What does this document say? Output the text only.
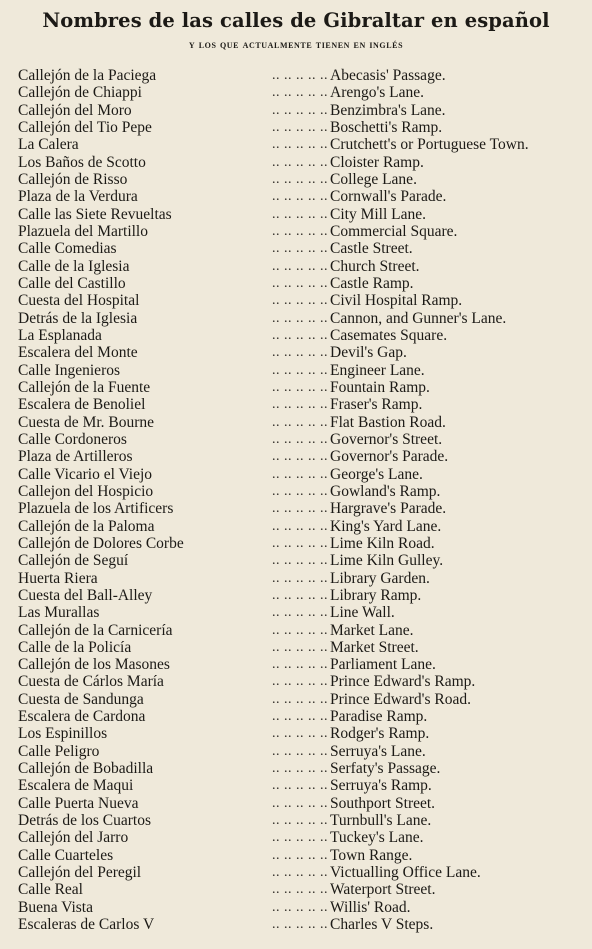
Nombres de las calles de Gibraltar en español
y los que actualmente tienen en inglés
Callejón de la Paciega	.. .. .. .. .. Abecasis' Passage.
Callejón de Chiappi	.. .. .. .. .. Arengo's Lane.
Callejón del Moro	.. .. .. .. .. Benzimbra's Lane.
Callejón del Tio Pepe	.. .. .. .. .. Boschetti's Ramp.
La Calera	.. .. .. .. .. Crutchett's or Portuguese Town.
Los Baños de Scotto	.. .. .. .. .. Cloister Ramp.
Callejón de Risso	.. .. .. .. .. College Lane.
Plaza de la Verdura	.. .. .. .. .. Cornwall's Parade.
Calle las Siete Revueltas	.. .. .. .. .. City Mill Lane.
Plazuela del Martillo	.. .. .. .. .. Commercial Square.
Calle Comedias	.. .. .. .. .. Castle Street.
Calle de la Iglesia	.. .. .. .. .. Church Street.
Calle del Castillo	.. .. .. .. .. Castle Ramp.
Cuesta del Hospital	.. .. .. .. .. Civil Hospital Ramp.
Detrás de la Iglesia	.. .. .. .. .. Cannon, and Gunner's Lane.
La Esplanada	.. .. .. .. .. Casemates Square.
Escalera del Monte	.. .. .. .. .. Devil's Gap.
Calle Ingenieros	.. .. .. .. .. Engineer Lane.
Callejón de la Fuente	.. .. .. .. .. Fountain Ramp.
Escalera de Benoliel	.. .. .. .. .. Fraser's Ramp.
Cuesta de Mr. Bourne	.. .. .. .. .. Flat Bastion Road.
Calle Cordoneros	.. .. .. .. .. Governor's Street.
Plaza de Artilleros	.. .. .. .. .. Governor's Parade.
Calle Vicario el Viejo	.. .. .. .. .. George's Lane.
Callejon del Hospicio	.. .. .. .. .. Gowland's Ramp.
Plazuela de los Artificers	.. .. .. .. .. Hargrave's Parade.
Callejón de la Paloma	.. .. .. .. .. King's Yard Lane.
Callejón de Dolores Corbe	.. .. .. .. .. Lime Kiln Road.
Callejón de Seguí	.. .. .. .. .. Lime Kiln Gulley.
Huerta Riera	.. .. .. .. .. Library Garden.
Cuesta del Ball-Alley	.. .. .. .. .. Library Ramp.
Las Murallas	.. .. .. .. .. Line Wall.
Callejón de la Carnicería	.. .. .. .. .. Market Lane.
Calle de la Policía	.. .. .. .. .. Market Street.
Callejón de los Masones	.. .. .. .. .. Parliament Lane.
Cuesta de Cárlos María	.. .. .. .. .. Prince Edward's Ramp.
Cuesta de Sandunga	.. .. .. .. .. Prince Edward's Road.
Escalera de Cardona	.. .. .. .. .. Paradise Ramp.
Los Espinillos	.. .. .. .. .. Rodger's Ramp.
Calle Peligro	.. .. .. .. .. Serruya's Lane.
Callejón de Bobadilla	.. .. .. .. .. Serfaty's Passage.
Escalera de Maqui	.. .. .. .. .. Serruya's Ramp.
Calle Puerta Nueva	.. .. .. .. .. Southport Street.
Detrás de los Cuartos	.. .. .. .. .. Turnbull's Lane.
Callejón del Jarro	.. .. .. .. .. Tuckey's Lane.
Calle Cuarteles	.. .. .. .. .. Town Range.
Callejón del Peregil	.. .. .. .. .. Victualling Office Lane.
Calle Real	.. .. .. .. .. Waterport Street.
Buena Vista	.. .. .. .. .. Willis' Road.
Escaleras de Carlos V	.. .. .. .. .. Charles V Steps.
